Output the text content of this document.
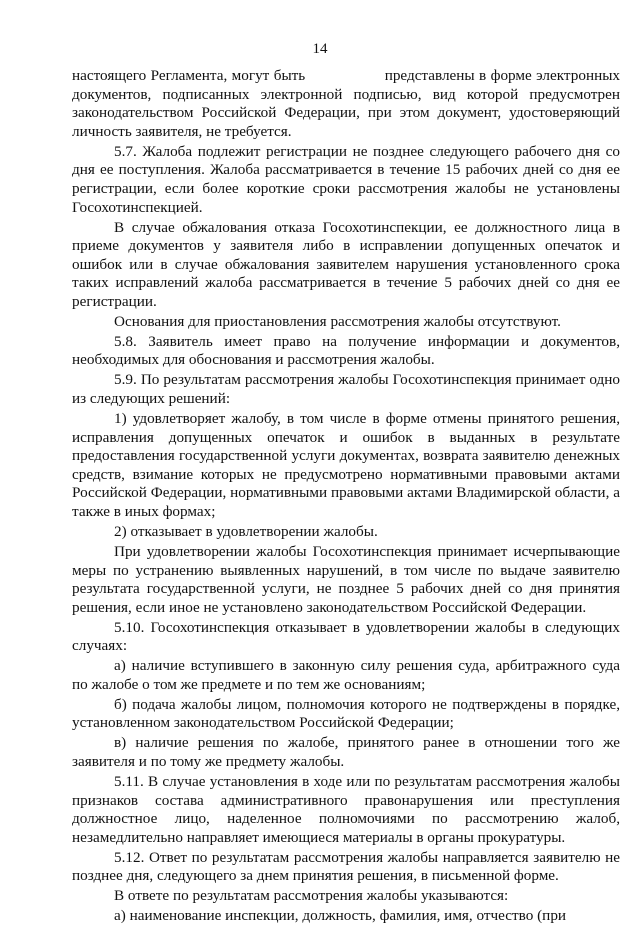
14

настоящего Регламента, могут быть                  представлены в форме электронных документов, подписанных электронной подписью, вид которой предусмотрен законодательством Российской Федерации, при этом документ, удостоверяющий личность заявителя, не требуется.

5.7. Жалоба подлежит регистрации не позднее следующего рабочего дня со дня ее поступления. Жалоба рассматривается в течение 15 рабочих дней со дня ее регистрации, если более короткие сроки рассмотрения жалобы не установлены Госохотинспекцией.

В случае обжалования отказа Госохотинспекции, ее должностного лица в приеме документов у заявителя либо в исправлении допущенных опечаток и ошибок или в случае обжалования заявителем нарушения установленного срока таких исправлений жалоба рассматривается в течение 5 рабочих дней со дня ее регистрации.

Основания для приостановления рассмотрения жалобы отсутствуют.

5.8. Заявитель имеет право на получение информации и документов, необходимых для обоснования и рассмотрения жалобы.

5.9. По результатам рассмотрения жалобы Госохотинспекция принимает одно из следующих решений:

1) удовлетворяет жалобу, в том числе в форме отмены принятого решения, исправления допущенных опечаток и ошибок в выданных в результате предоставления государственной услуги документах, возврата заявителю денежных средств, взимание которых не предусмотрено нормативными правовыми актами Российской Федерации, нормативными правовыми актами Владимирской области, а также в иных формах;

2) отказывает в удовлетворении жалобы.

При удовлетворении жалобы Госохотинспекция принимает исчерпывающие меры по устранению выявленных нарушений, в том числе по выдаче заявителю результата государственной услуги, не позднее 5 рабочих дней со дня принятия решения, если иное не установлено законодательством Российской Федерации.

5.10. Госохотинспекция отказывает в удовлетворении жалобы в следующих случаях:

а) наличие вступившего в законную силу решения суда, арбитражного суда по жалобе о том же предмете и по тем же основаниям;

б) подача жалобы лицом, полномочия которого не подтверждены в порядке, установленном законодательством Российской Федерации;

в) наличие решения по жалобе, принятого ранее в отношении того же заявителя и по тому же предмету жалобы.

5.11. В случае установления в ходе или по результатам рассмотрения жалобы признаков состава административного правонарушения или преступления должностное лицо, наделенное полномочиями по рассмотрению жалоб, незамедлительно направляет имеющиеся материалы в органы прокуратуры.

5.12. Ответ по результатам рассмотрения жалобы направляется заявителю не позднее дня, следующего за днем принятия решения, в письменной форме.

В ответе по результатам рассмотрения жалобы указываются:

а) наименование инспекции, должность, фамилия, имя, отчество (при
